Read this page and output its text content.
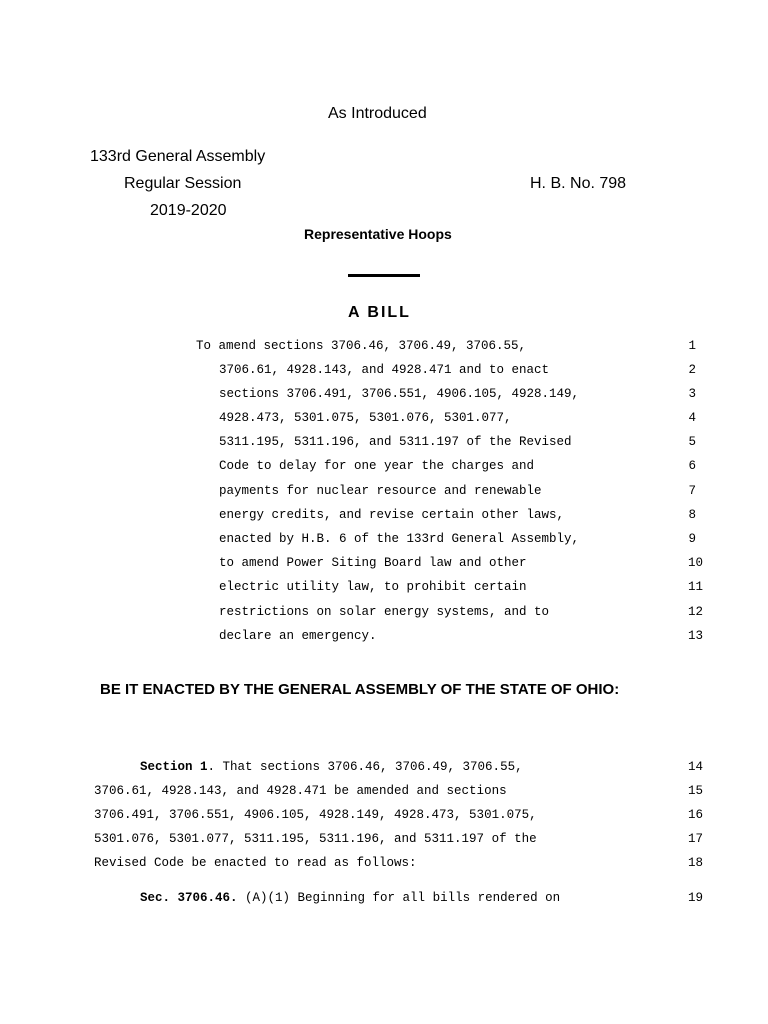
As Introduced
133rd General Assembly
Regular Session	H. B. No. 798
2019-2020
Representative Hoops
A BILL
To amend sections 3706.46, 3706.49, 3706.55,	1
3706.61, 4928.143, and 4928.471 and to enact	2
sections 3706.491, 3706.551, 4906.105, 4928.149,	3
4928.473, 5301.075, 5301.076, 5301.077,	4
5311.195, 5311.196, and 5311.197 of the Revised	5
Code to delay for one year the charges and	6
payments for nuclear resource and renewable	7
energy credits, and revise certain other laws,	8
enacted by H.B. 6 of the 133rd General Assembly,	9
to amend Power Siting Board law and other	10
electric utility law, to prohibit certain	11
restrictions on solar energy systems, and to	12
declare an emergency.	13
BE IT ENACTED BY THE GENERAL ASSEMBLY OF THE STATE OF OHIO:
Section 1. That sections 3706.46, 3706.49, 3706.55,	14
3706.61, 4928.143, and 4928.471 be amended and sections	15
3706.491, 3706.551, 4906.105, 4928.149, 4928.473, 5301.075,	16
5301.076, 5301.077, 5311.195, 5311.196, and 5311.197 of the	17
Revised Code be enacted to read as follows:	18
Sec. 3706.46. (A)(1) Beginning for all bills rendered on	19
